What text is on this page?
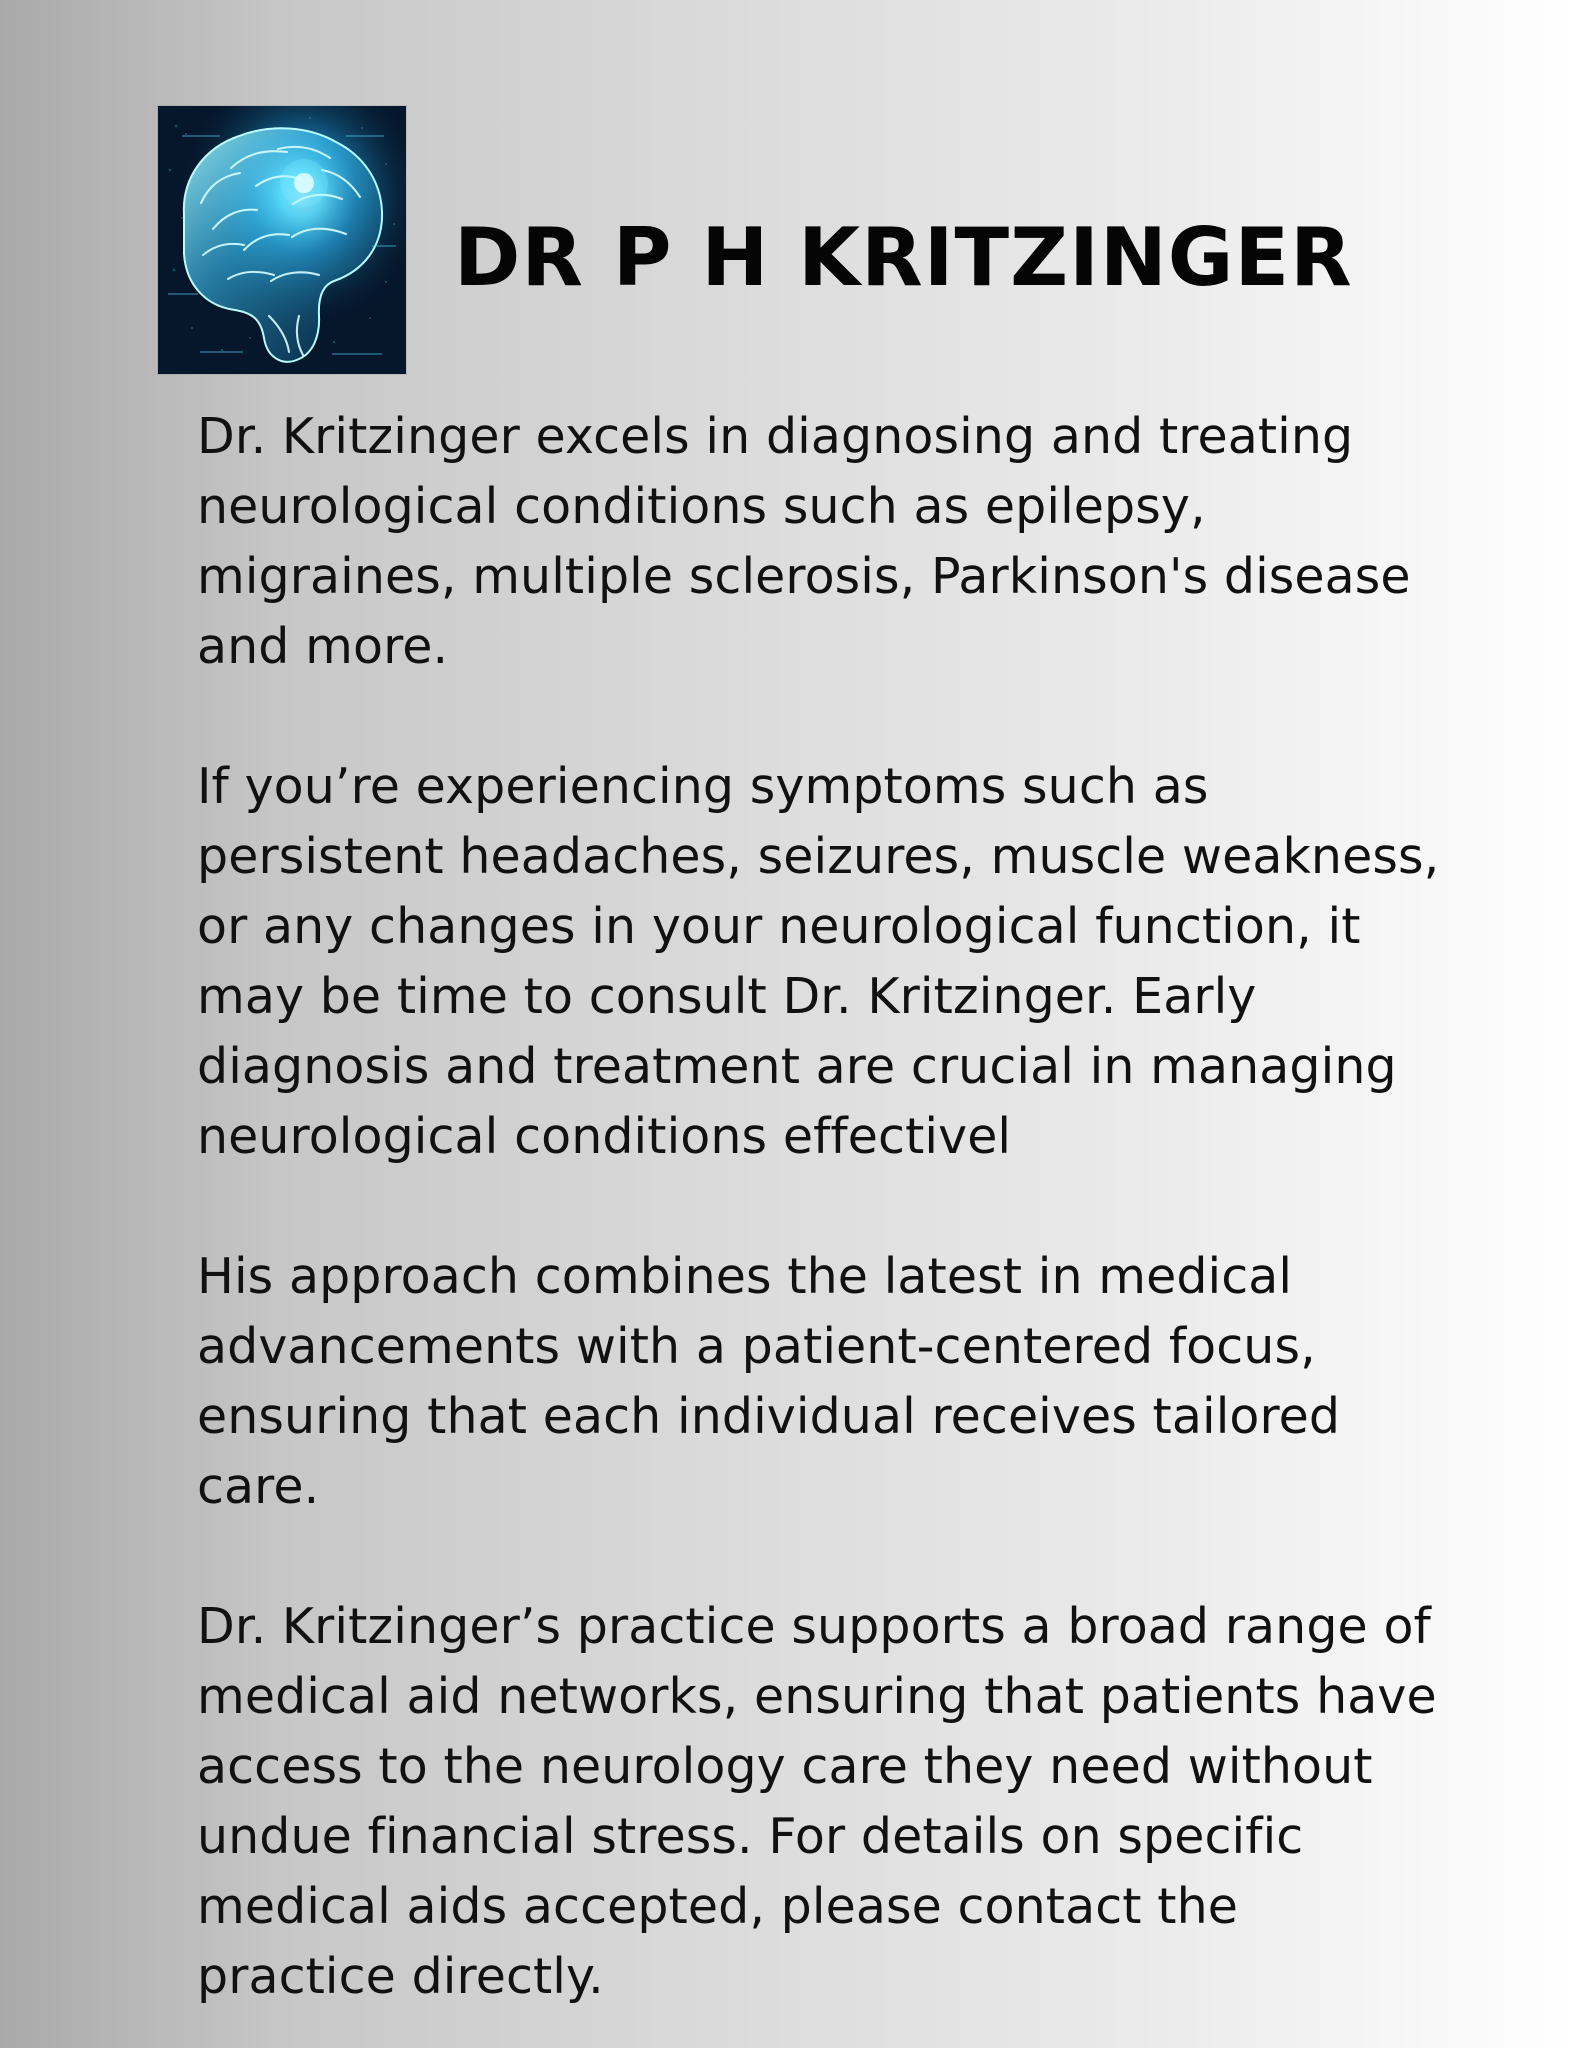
DR P H KRITZINGER

Dr. Kritzinger excels in diagnosing and treating
neurological conditions such as epilepsy,
migraines, multiple sclerosis, Parkinson's disease
and more.

If you’re experiencing symptoms such as
persistent headaches, seizures, muscle weakness,
or any changes in your neurological function, it
may be time to consult Dr. Kritzinger. Early
diagnosis and treatment are crucial in managing
neurological conditions effectivel

His approach combines the latest in medical
advancements with a patient-centered focus,
ensuring that each individual receives tailored
care.

Dr. Kritzinger’s practice supports a broad range of
medical aid networks, ensuring that patients have
access to the neurology care they need without
undue financial stress. For details on specific
medical aids accepted, please contact the
practice directly.
